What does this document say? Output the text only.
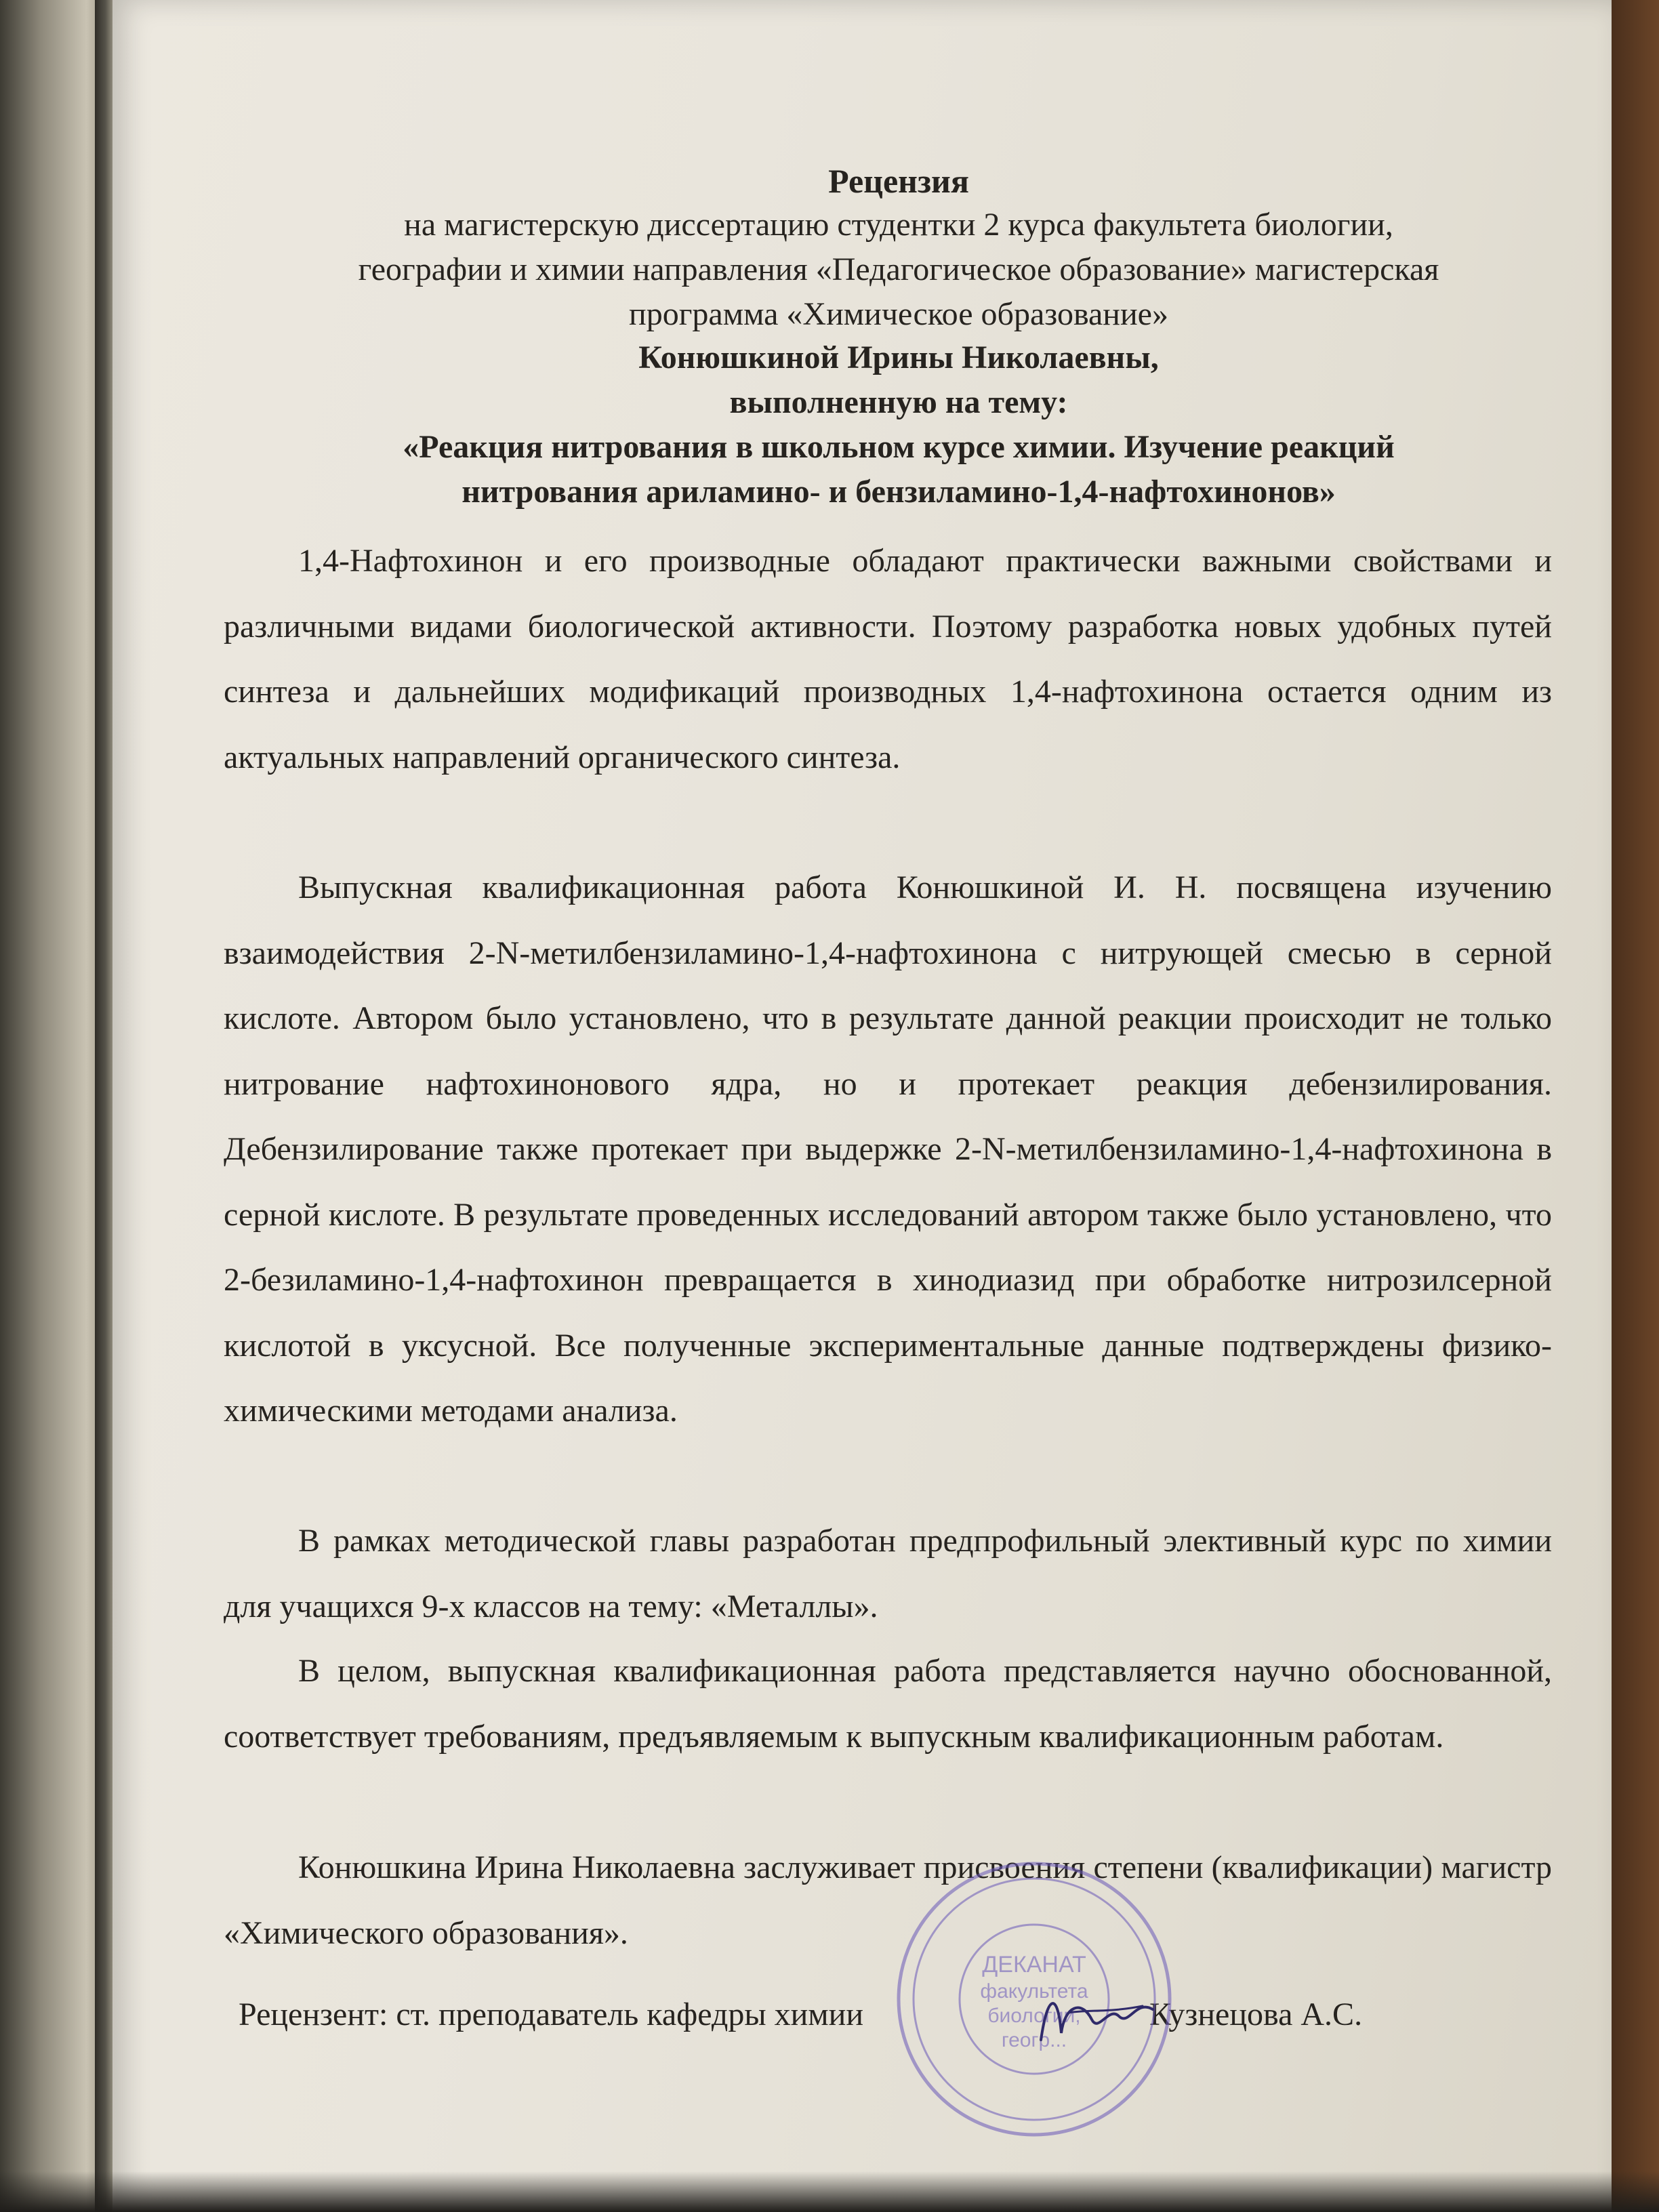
Рецензия
на магистерскую диссертацию студентки 2 курса факультета биологии,
географии и химии направления «Педагогическое образование» магистерская
программа «Химическое образование»
Конюшкиной Ирины Николаевны,
выполненную на тему:
«Реакция нитрования в школьном курсе химии. Изучение реакций
нитрования ариламино- и бензиламино-1,4-нафтохинонов»

1,4-Нафтохинон и его производные обладают практически важными свойствами и различными видами биологической активности. Поэтому разработка новых удобных путей синтеза и дальнейших модификаций производных 1,4-нафтохинона остается одним из актуальных направлений органического синтеза.

Выпускная квалификационная работа Конюшкиной И. Н. посвящена изучению взаимодействия 2-N-метилбензиламино-1,4-нафтохинона с нитрующей смесью в серной кислоте. Автором было установлено, что в результате данной реакции происходит не только нитрование нафтохинонового ядра, но и протекает реакция дебензилирования. Дебензилирование также протекает при выдержке 2-N-метилбензиламино-1,4-нафтохинона в серной кислоте. В результате проведенных исследований автором также было установлено, что 2-безиламино-1,4-нафтохинон превращается в хинодиазид при обработке нитрозилсерной кислотой в уксусной. Все полученные экспериментальные данные подтверждены физико-химическими методами анализа.

В рамках методической главы разработан предпрофильный элективный курс по химии для учащихся 9-х классов на тему: «Металлы».

В целом, выпускная квалификационная работа представляется научно обоснованной, соответствует требованиям, предъявляемым к выпускным квалификационным работам.

Конюшкина Ирина Николаевна заслуживает присвоения степени (квалификации) магистр «Химического образования».

Рецензент: ст. преподаватель кафедры химии	Кузнецова А.С.
ДЕКАНАТ
факультета
биологии,
геогр...
